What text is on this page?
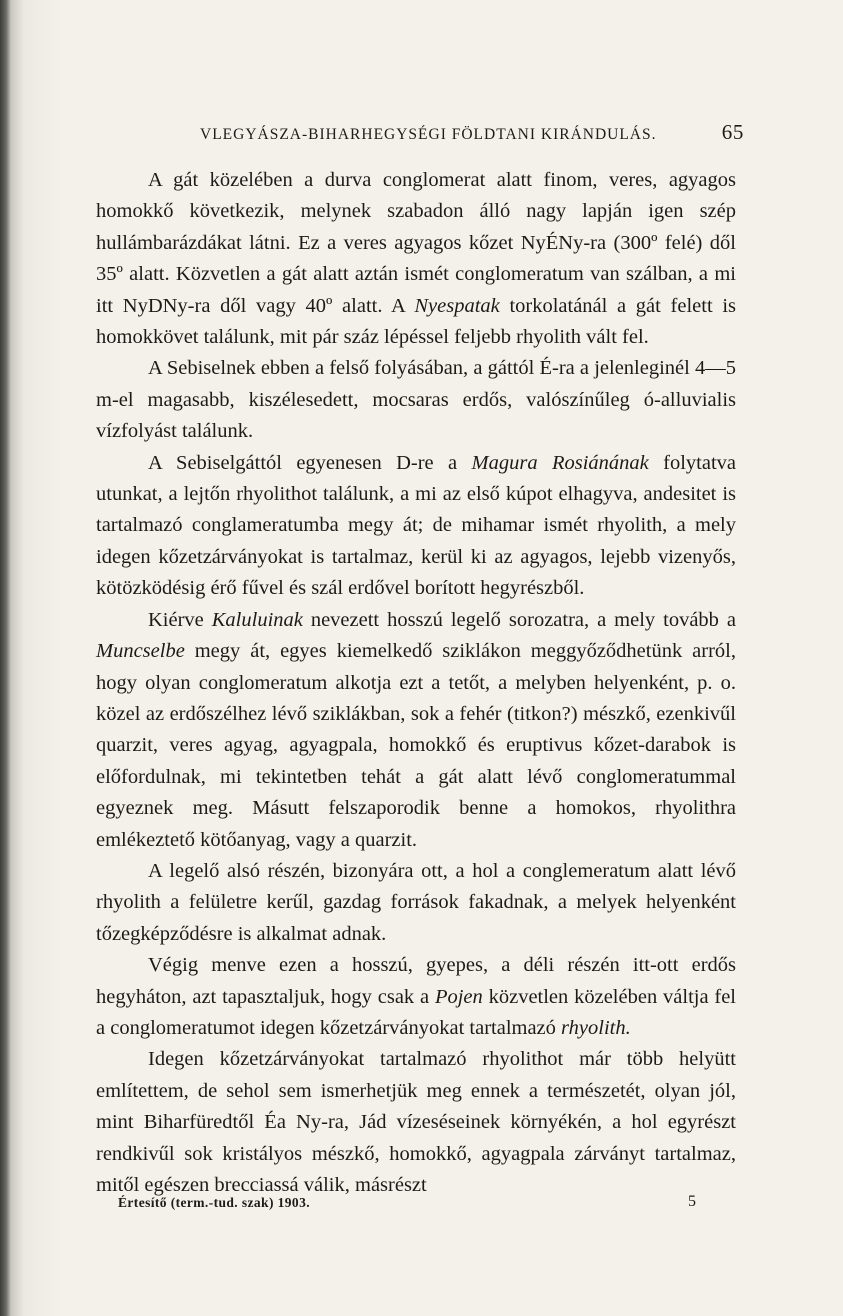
VLEGYÁSZA-BIHARHEGYSÉGI FÖLDTANI KIRÁNDULÁS.	65

A gát közelében a durva conglomerat alatt finom, veres, agyagos homokkő következik, melynek szabadon álló nagy lapján igen szép hullámbarázdákat látni. Ez a veres agyagos kőzet NyÉNy-ra (300º felé) dől 35º alatt. Közvetlen a gát alatt aztán ismét conglomeratum van szálban, a mi itt NyDNy-ra dől vagy 40º alatt. A Nyespatak torkolatánál a gát felett is homokkövet találunk, mit pár száz lépéssel feljebb rhyolith vált fel.

A Sebiselnek ebben a felső folyásában, a gáttól É-ra a jelenleginél 4—5 m-el magasabb, kiszélesedett, mocsaras erdős, valószínűleg ó-alluvialis vízfolyást találunk.

A Sebiselgáttól egyenesen D-re a Magura Rosiánának folytatva utunkat, a lejtőn rhyolithot találunk, a mi az első kúpot elhagyva, andesitet is tartalmazó conglameratumba megy át; de mihamar ismét rhyolith, a mely idegen kőzetzárványokat is tartalmaz, kerül ki az agyagos, lejebb vizenyős, kötözködésig érő fűvel és szál erdővel borított hegyrészből.

Kiérve Kaluluinak nevezett hosszú legelő sorozatra, a mely tovább a Muncselbe megy át, egyes kiemelkedő sziklákon meggyőződhetünk arról, hogy olyan conglomeratum alkotja ezt a tetőt, a melyben helyenként, p. o. közel az erdőszélhez lévő sziklákban, sok a fehér (titkon?) mészkő, ezenkivűl quarzit, veres agyag, agyagpala, homokkő és eruptivus kőzet-darabok is előfordulnak, mi tekintetben tehát a gát alatt lévő conglomeratummal egyeznek meg. Másutt felszaporodik benne a homokos, rhyolithra emlékeztető kötőanyag, vagy a quarzit.

A legelő alsó részén, bizonyára ott, a hol a conglemeratum alatt lévő rhyolith a felületre kerűl, gazdag források fakadnak, a melyek helyenként tőzegképződésre is alkalmat adnak.

Végig menve ezen a hosszú, gyepes, a déli részén itt-ott erdős hegyháton, azt tapasztaljuk, hogy csak a Pojen közvetlen közelében váltja fel a conglomeratumot idegen kőzetzárványokat tartalmazó rhyolith.

Idegen kőzetzárványokat tartalmazó rhyolithot már több helyütt említettem, de sehol sem ismerhetjük meg ennek a természetét, olyan jól, mint Biharfüredtől Éa Ny-ra, Jád vízeséseinek környékén, a hol egyrészt rendkivűl sok kristályos mészkő, homokkő, agyagpala zárványt tartalmaz, mitől egészen brecciassá válik, másrészt

Értesítő (term.-tud. szak) 1903.	5
